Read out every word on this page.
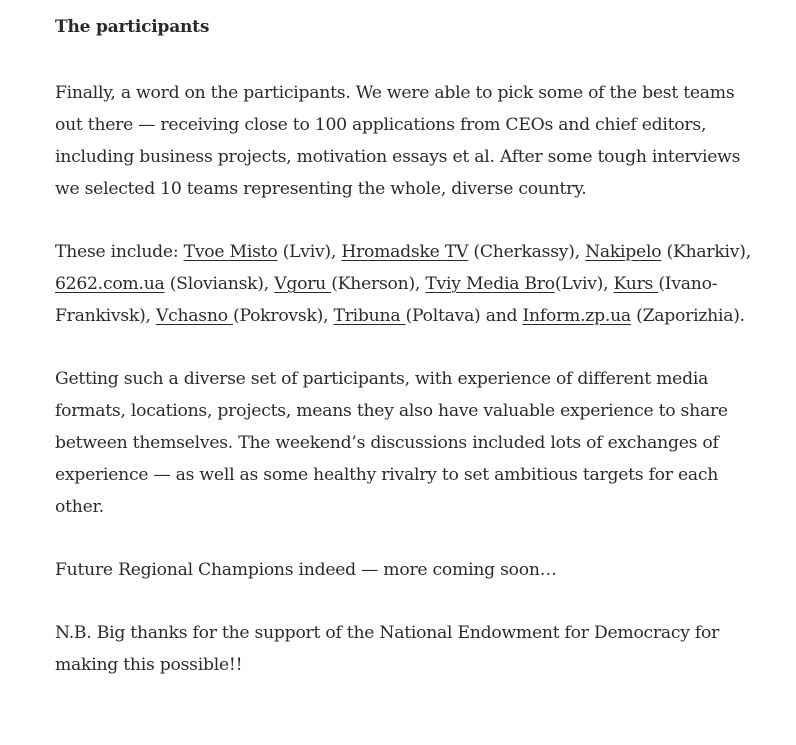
The participants

Finally, a word on the participants. We were able to pick some of the best teams out there — receiving close to 100 applications from CEOs and chief editors, including business projects, motivation essays et al. After some tough interviews we selected 10 teams representing the whole, diverse country.

These include: Tvoe Misto (Lviv), Hromadske TV (Cherkassy), Nakipelo (Kharkiv), 6262.com.ua (Sloviansk), Vgoru (Kherson), Tviy Media Bro(Lviv), Kurs (Ivano-Frankivsk), Vchasno (Pokrovsk), Tribuna (Poltava) and Inform.zp.ua (Zaporizhia).

Getting such a diverse set of participants, with experience of different media formats, locations, projects, means they also have valuable experience to share between themselves. The weekend’s discussions included lots of exchanges of experience — as well as some healthy rivalry to set ambitious targets for each other.

Future Regional Champions indeed — more coming soon…

N.B. Big thanks for the support of the National Endowment for Democracy for making this possible!!
